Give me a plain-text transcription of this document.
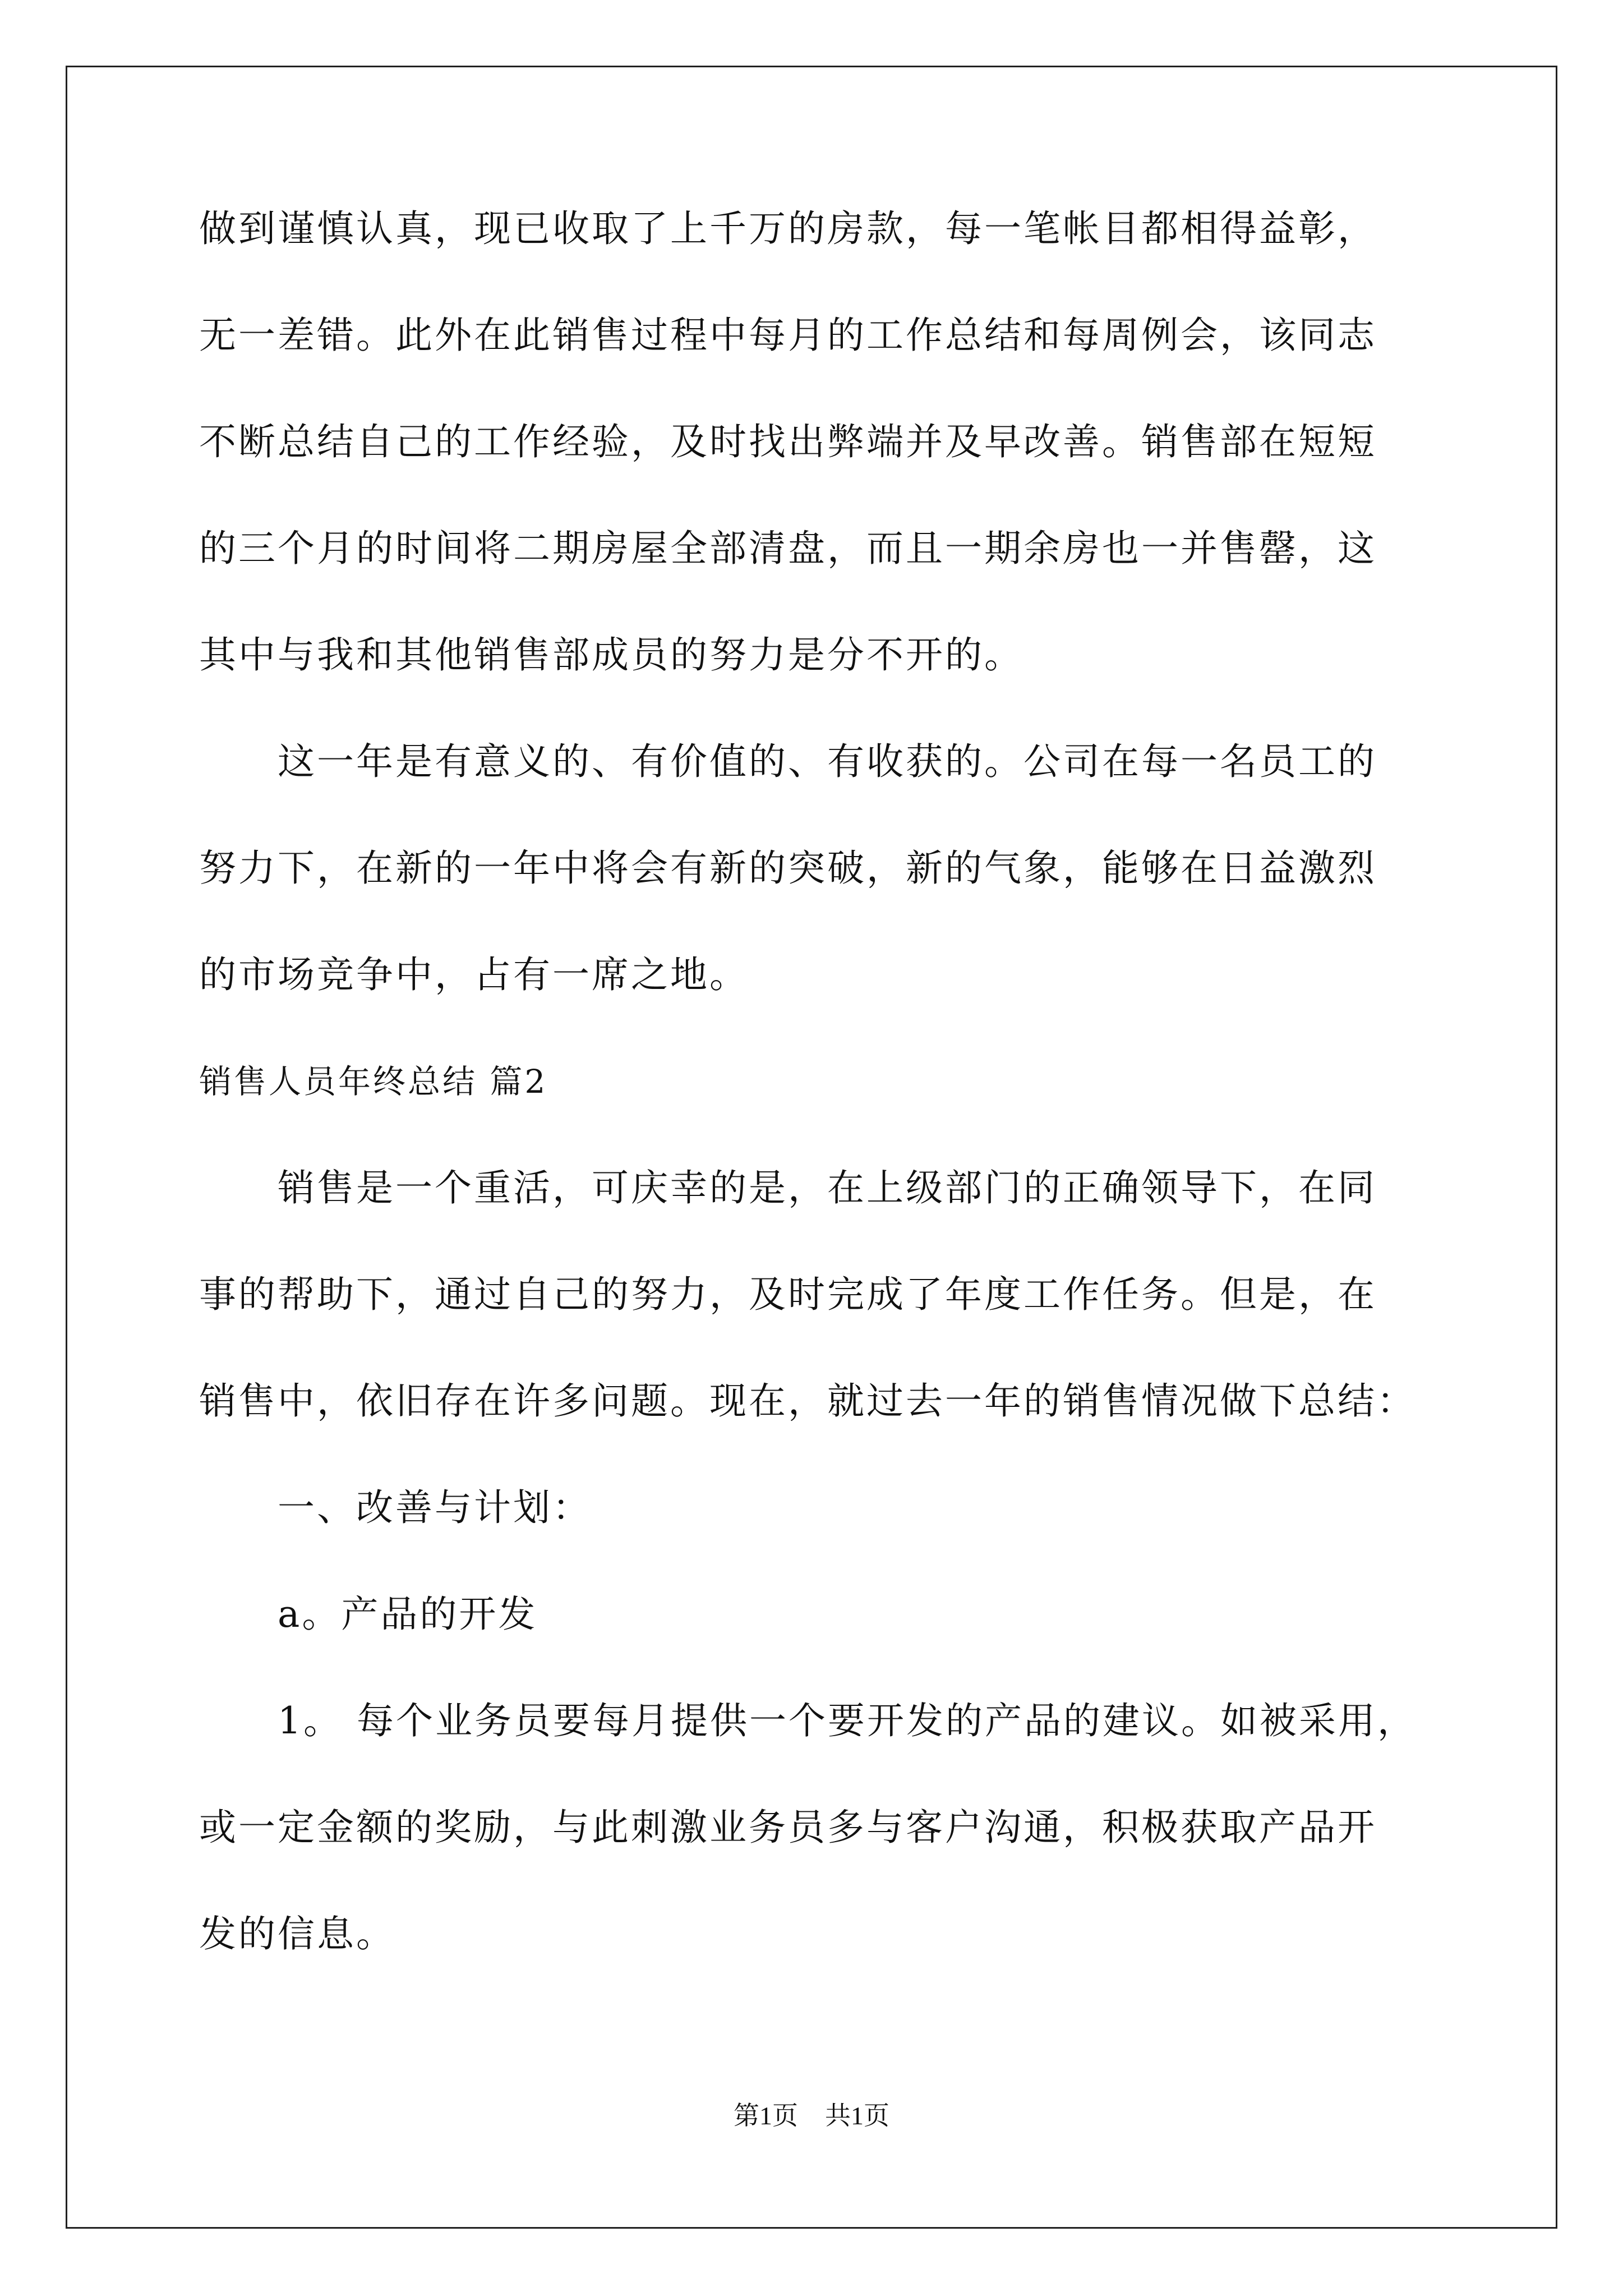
做到谨慎认真，现已收取了上千万的房款，每一笔帐目都相得益彰，
无一差错。此外在此销售过程中每月的工作总结和每周例会，该同志
不断总结自己的工作经验，及时找出弊端并及早改善。销售部在短短
的三个月的时间将二期房屋全部清盘，而且一期余房也一并售罄，这
其中与我和其他销售部成员的努力是分不开的。
　　这一年是有意义的、有价值的、有收获的。公司在每一名员工的
努力下，在新的一年中将会有新的突破，新的气象，能够在日益激烈
的市场竞争中，占有一席之地。
销售人员年终总结 篇2
　　销售是一个重活，可庆幸的是，在上级部门的正确领导下，在同
事的帮助下，通过自己的努力，及时完成了年度工作任务。但是，在
销售中，依旧存在许多问题。现在，就过去一年的销售情况做下总结：
　　一、改善与计划：
　　a。产品的开发
　　1。 每个业务员要每月提供一个要开发的产品的建议。如被采用，
或一定金额的奖励，与此刺激业务员多与客户沟通，积极获取产品开
发的信息。
第1页 共1页
